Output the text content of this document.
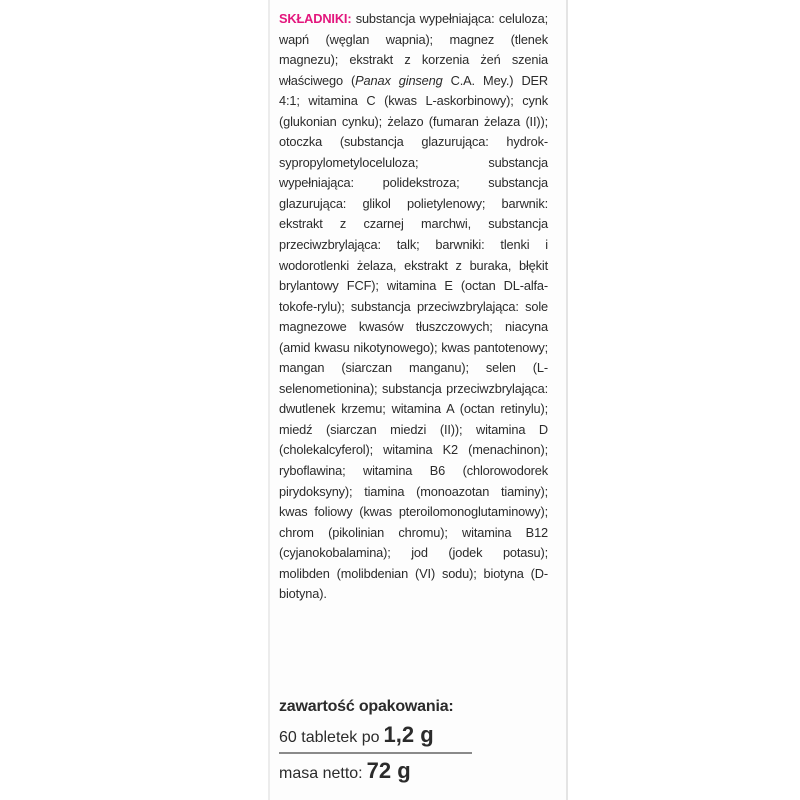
SKŁADNIKI: substancja wypełniająca: celuloza; wapń (węglan wapnia); magnez (tlenek magnezu); ekstrakt z korzenia żeń szenia właściwego (Panax ginseng C.A. Mey.) DER 4:1; witamina C (kwas L-askorbinowy); cynk (glukonian cynku); żelazo (fumaran żelaza (II)); otoczka (substancja glazurująca: hydrok-sypropylometyloceluloza; substancja wypełniająca: polidekstroza; substancja glazurująca: glikol polietylenowy; barwnik: ekstrakt z czarnej marchwi, substancja przeciwzbrylająca: talk; barwniki: tlenki i wodorotlenki żelaza, ekstrakt z buraka, błękit brylantowy FCF); witamina E (octan DL-alfa- tokofe-rylu); substancja przeciwzbrylająca: sole magnezowe kwasów tłuszczowych; niacyna (amid kwasu nikotynowego); kwas pantotenowy; mangan (siarczan manganu); selen (L-selenometionina); substancja przeciwzbrylająca: dwutlenek krzemu; witamina A (octan retinylu); miedź (siarczan miedzi (II)); witamina D (cholekalcyferol); witamina K2 (menachinon); ryboflawina; witamina B6 (chlorowodorek pirydoksyny); tiamina (monoazotan tiaminy); kwas foliowy (kwas pteroilomonoglutaminowy); chrom (pikolinian chromu); witamina B12 (cyjanokobalamina); jod (jodek potasu); molibden (molibdenian (VI) sodu); biotyna (D-biotyna).

zawartość opakowania:
60 tabletek po 1,2 g
masa netto: 72 g
